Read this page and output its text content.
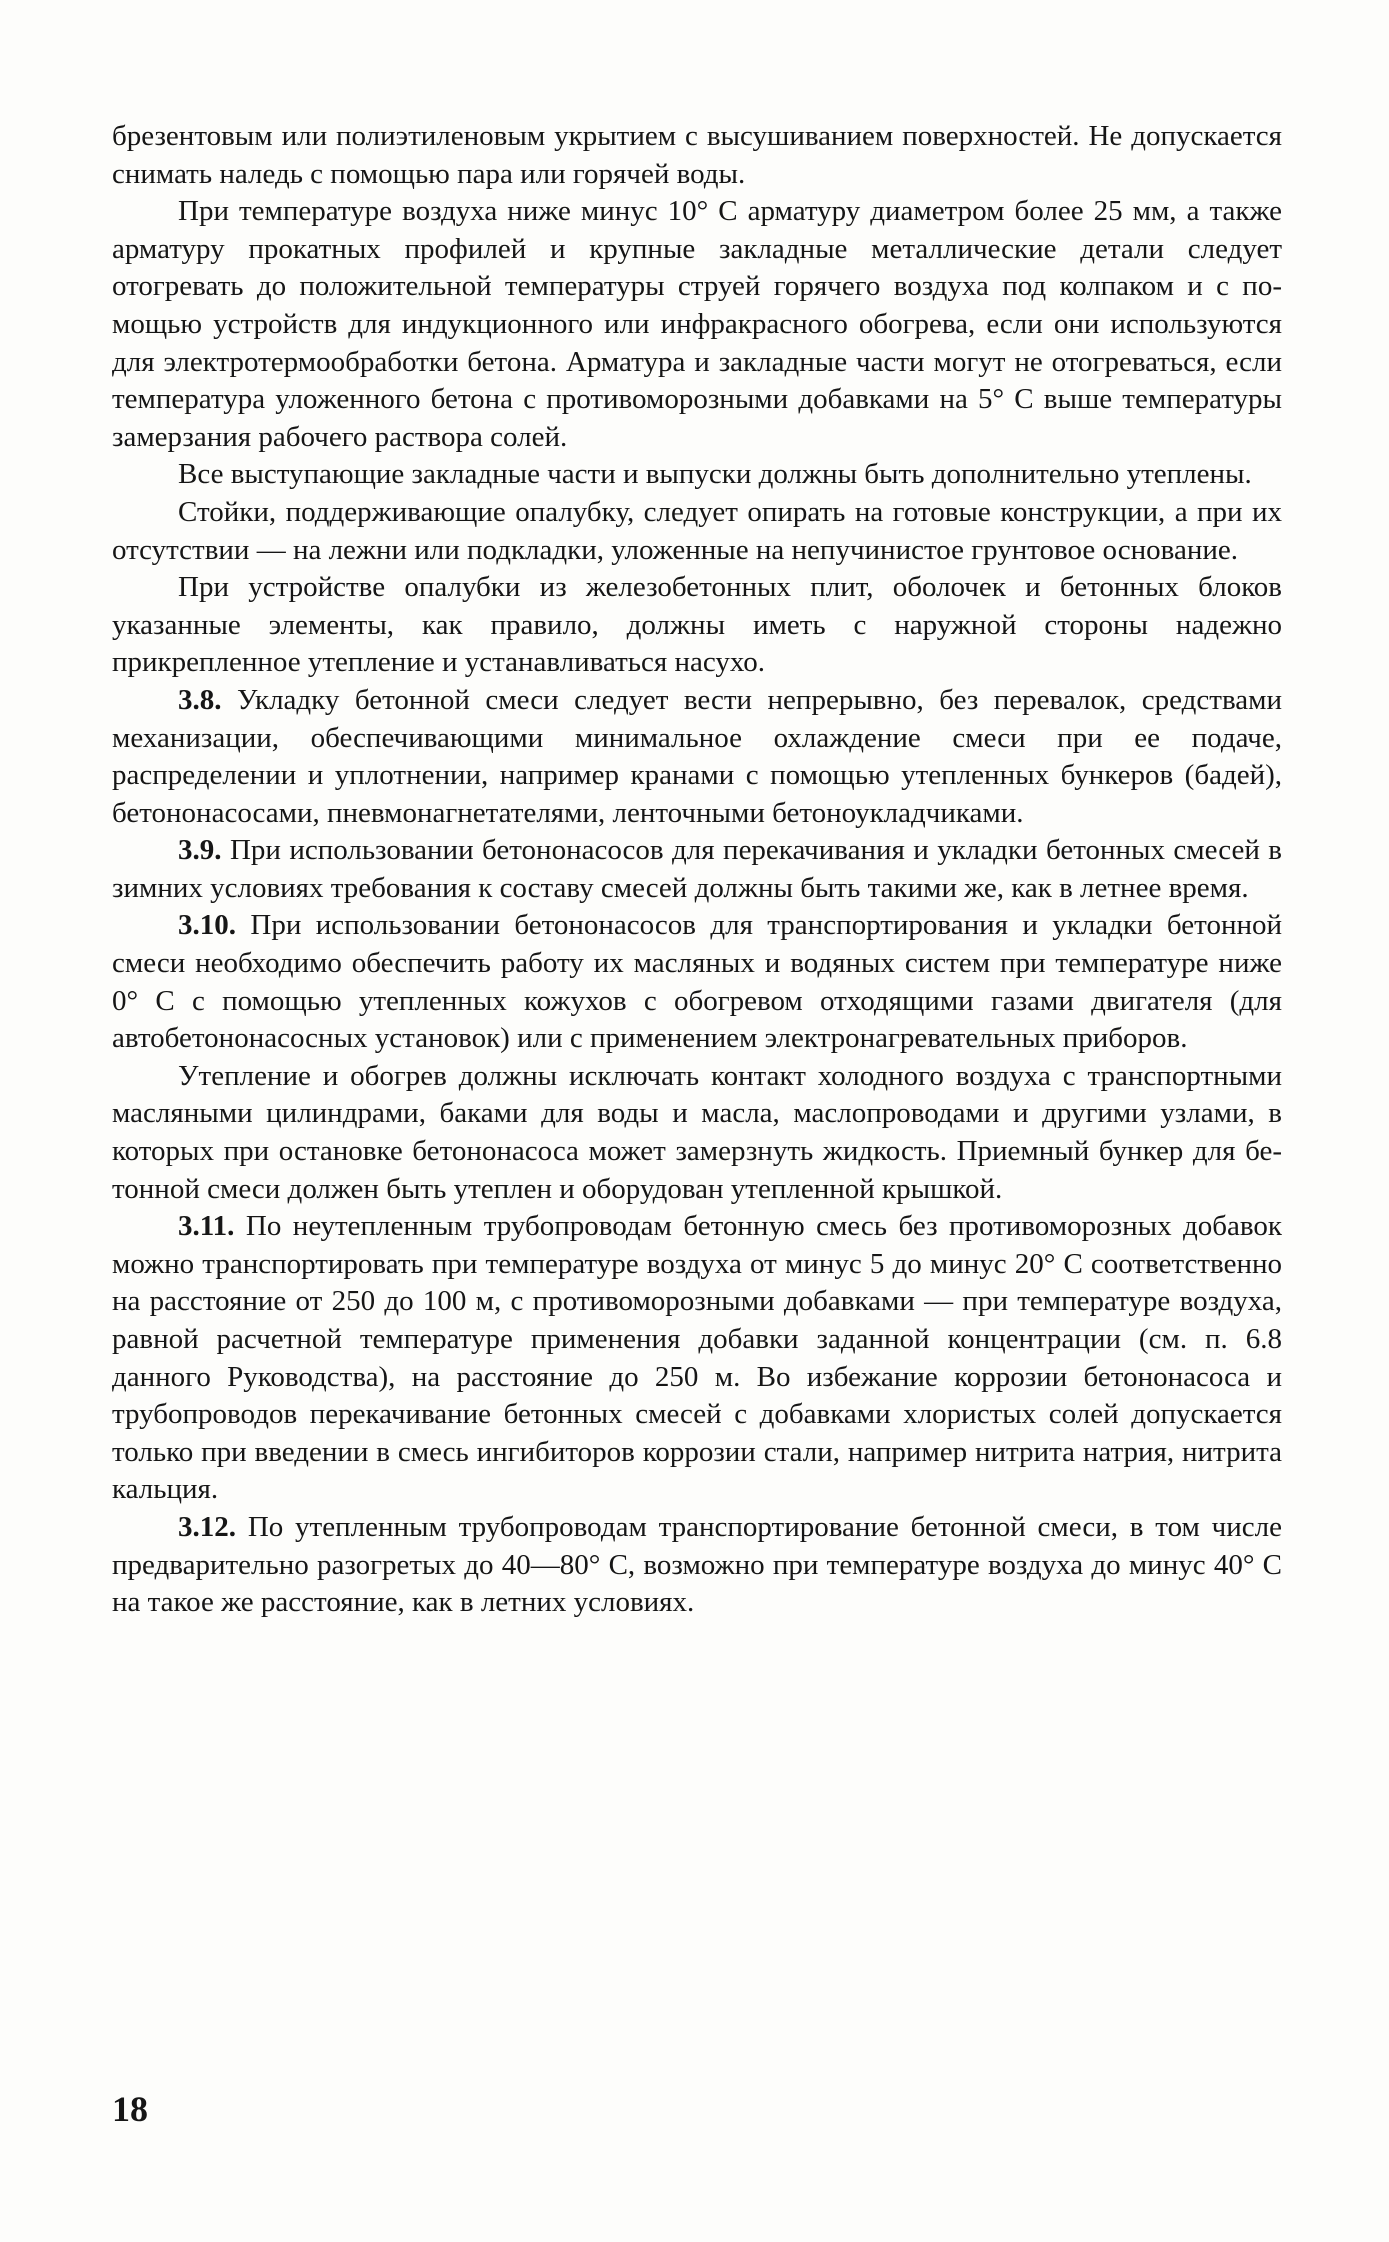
брезентовым или полиэтиленовым укрытием с высушиванием поверхностей. Не допускается снимать наледь с помощью пара или горячей воды.

При температуре воздуха ниже минус 10° С арматуру диаметром более 25 мм, а также арматуру прокатных профилей и крупные закладные металлические детали следует отогревать до положительной температуры струей горячего воздуха под колпаком и с помощью устройств для индукционного или инфракрасного обогрева, если они используются для электротермообработки бетона. Арматура и закладные части могут не отогреваться, если температура уложенного бетона с противоморозными добавками на 5° С выше температуры замерзания рабочего раствора солей.

Все выступающие закладные части и выпуски должны быть дополнительно утеплены.

Стойки, поддерживающие опалубку, следует опирать на готовые конструкции, а при их отсутствии — на лежни или подкладки, уложенные на непучинистое грунтовое основание.

При устройстве опалубки из железобетонных плит, оболочек и бетонных блоков указанные элементы, как правило, должны иметь с наружной стороны надежно прикрепленное утепление и устанавливаться насухо.

3.8. Укладку бетонной смеси следует вести непрерывно, без перевалок, средствами механизации, обеспечивающими минимальное охлаждение смеси при ее подаче, распределении и уплотнении, например кранами с помощью утепленных бункеров (бадей), бетононасосами, пневмонагнетателями, ленточными бетоноукладчиками.

3.9. При использовании бетононасосов для перекачивания и укладки бетонных смесей в зимних условиях требования к составу смесей должны быть такими же, как в летнее время.

3.10. При использовании бетононасосов для транспортирования и укладки бетонной смеси необходимо обеспечить работу их масляных и водяных систем при температуре ниже 0° С с помощью утепленных кожухов с обогревом отходящими газами двигателя (для автобетононасосных установок) или с применением электронагревательных приборов.

Утепление и обогрев должны исключать контакт холодного воздуха с транспортными масляными цилиндрами, баками для воды и масла, маслопроводами и другими узлами, в которых при остановке бетононасоса может замерзнуть жидкость. Приемный бункер для бетонной смеси должен быть утеплен и оборудован утепленной крышкой.

3.11. По неутепленным трубопроводам бетонную смесь без противоморозных добавок можно транспортировать при температуре воздуха от минус 5 до минус 20° С соответственно на расстояние от 250 до 100 м, с противоморозными добавками — при температуре воздуха, равной расчетной температуре применения добавки заданной концентрации (см. п. 6.8 данного Руководства), на расстояние до 250 м. Во избежание коррозии бетононасоса и трубопроводов перекачивание бетонных смесей с добавками хлористых солей допускается только при введении в смесь ингибиторов коррозии стали, например нитрита натрия, нитрита кальция.

3.12. По утепленным трубопроводам транспортирование бетонной смеси, в том числе предварительно разогретых до 40—80° С, возможно при температуре воздуха до минус 40° С на такое же расстояние, как в летних условиях.

18
